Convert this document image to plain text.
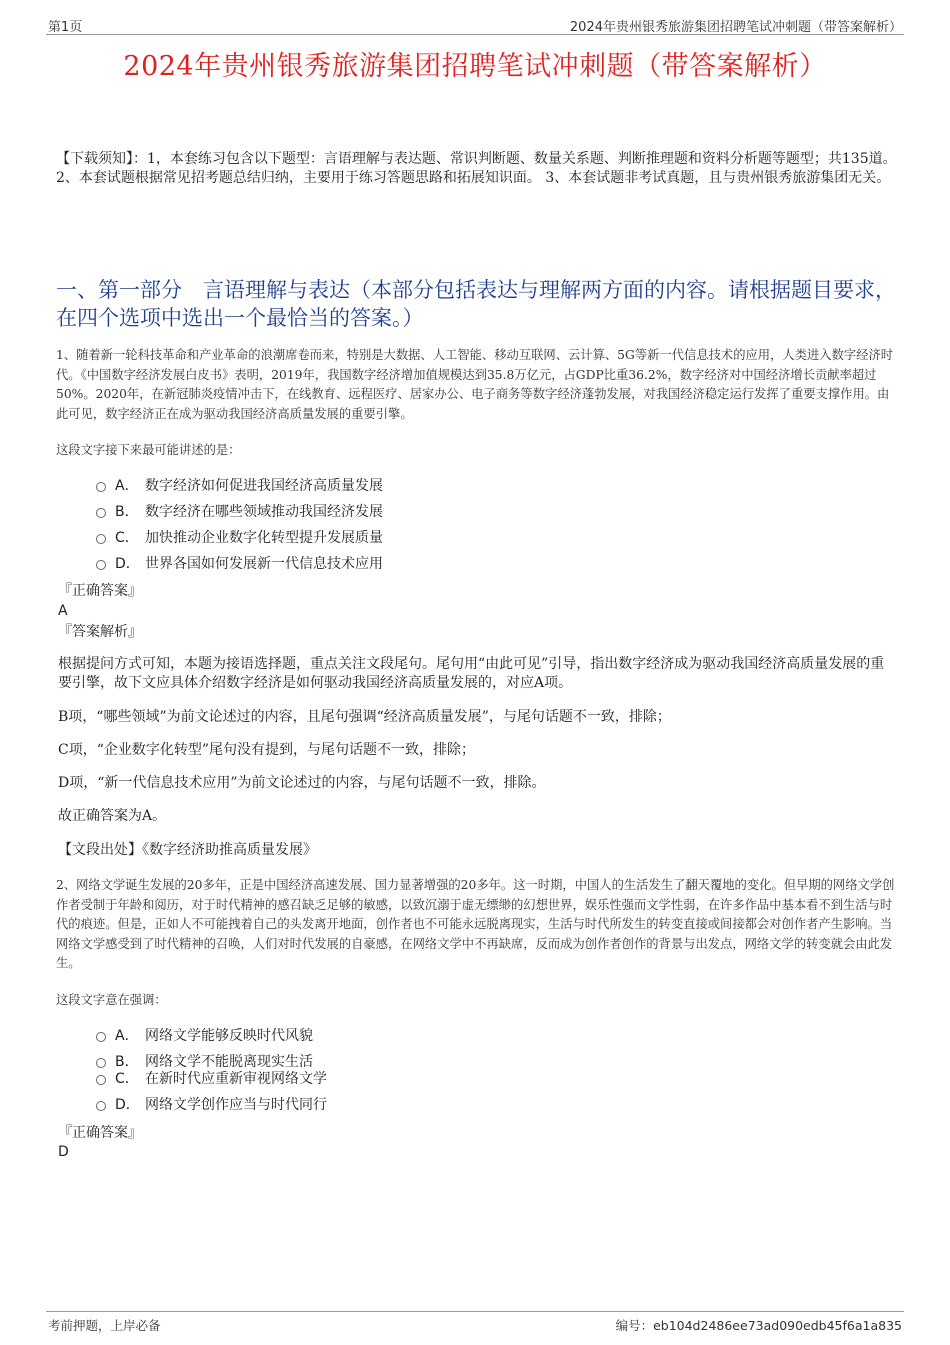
第1页	2024年贵州银秀旅游集团招聘笔试冲刺题（带答案解析）
2024年贵州银秀旅游集团招聘笔试冲刺题（带答案解析）
【下载须知】：1，本套练习包含以下题型：言语理解与表达题、常识判断题、数量关系题、判断推理题和资料分析题等题型；共135道。 2、本套试题根据常见招考题总结归纳，主要用于练习答题思路和拓展知识面。 3、本套试题非考试真题，且与贵州银秀旅游集团无关。
一、第一部分　言语理解与表达（本部分包括表达与理解两方面的内容。请根据题目要求，在四个选项中选出一个最恰当的答案。）
1、随着新一轮科技革命和产业革命的浪潮席卷而来，特别是大数据、人工智能、移动互联网、云计算、5G等新一代信息技术的应用，人类进入数字经济时代。《中国数字经济发展白皮书》表明，2019年，我国数字经济增加值规模达到35.8万亿元，占GDP比重36.2%，数字经济对中国经济增长贡献率超过50%。2020年，在新冠肺炎疫情冲击下，在线教育、远程医疗、居家办公、电子商务等数字经济蓬勃发展，对我国经济稳定运行发挥了重要支撑作用。由此可见，数字经济正在成为驱动我国经济高质量发展的重要引擎。
这段文字接下来最可能讲述的是：
A． 数字经济如何促进我国经济高质量发展
B． 数字经济在哪些领域推动我国经济发展
C． 加快推动企业数字化转型提升发展质量
D． 世界各国如何发展新一代信息技术应用
『正确答案』
A
『答案解析』
根据提问方式可知，本题为接语选择题，重点关注文段尾句。尾句用“由此可见”引导，指出数字经济成为驱动我国经济高质量发展的重要引擎，故下文应具体介绍数字经济是如何驱动我国经济高质量发展的，对应A项。
B项，“哪些领域”为前文论述过的内容，且尾句强调“经济高质量发展”，与尾句话题不一致，排除；
C项，“企业数字化转型”尾句没有提到，与尾句话题不一致，排除；
D项，“新一代信息技术应用”为前文论述过的内容，与尾句话题不一致，排除。
故正确答案为A。
【文段出处】《数字经济助推高质量发展》
2、网络文学诞生发展的20多年，正是中国经济高速发展、国力显著增强的20多年。这一时期，中国人的生活发生了翻天覆地的变化。但早期的网络文学创作者受制于年龄和阅历，对于时代精神的感召缺乏足够的敏感，以致沉溺于虚无缥缈的幻想世界，娱乐性强而文学性弱，在许多作品中基本看不到生活与时代的痕迹。但是，正如人不可能拽着自己的头发离开地面，创作者也不可能永远脱离现实，生活与时代所发生的转变直接或间接都会对创作者产生影响。当网络文学感受到了时代精神的召唤，人们对时代发展的自豪感，在网络文学中不再缺席，反而成为创作者创作的背景与出发点，网络文学的转变就会由此发生。
这段文字意在强调：
A． 网络文学能够反映时代风貌
B． 网络文学不能脱离现实生活
C． 在新时代应重新审视网络文学
D． 网络文学创作应当与时代同行
『正确答案』
D
考前押题，上岸必备	编号：eb104d2486ee73ad090edb45f6a1a835
